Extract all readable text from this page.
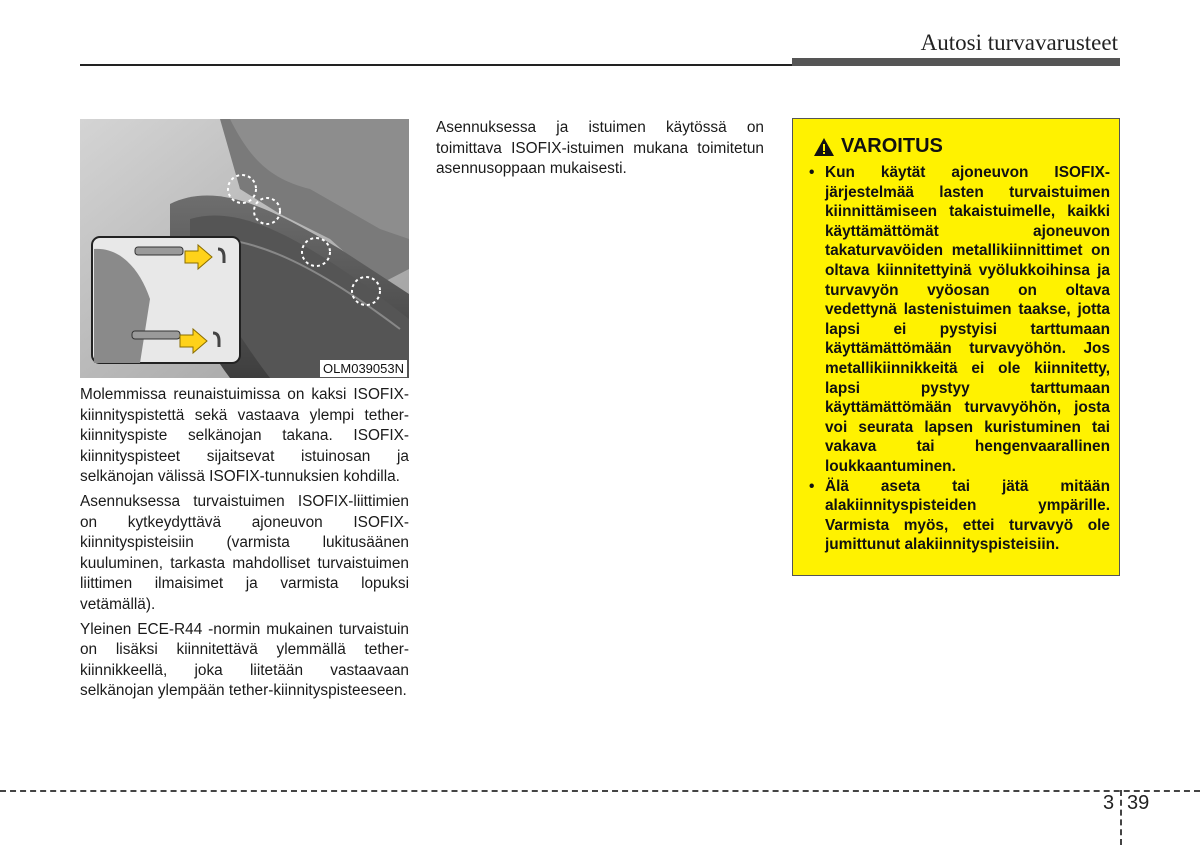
Autosi turvavarusteet
OLM039053N

Molemmissa reunaistuimissa on kaksi ISOFIX-kiinnityspistettä sekä vastaava ylempi tether-kiinnityspiste selkänojan takana. ISOFIX-kiinnityspisteet sijaitsevat istuinosan ja selkänojan välissä ISOFIX-tunnuksien kohdilla.

Asennuksessa turvaistuimen ISOFIX-liittimien on kytkeydyttävä ajoneuvon ISOFIX-kiinnityspisteisiin (varmista lukitusäänen kuuluminen, tarkasta mahdolliset turvaistuimen liittimen ilmaisimet ja varmista lopuksi vetämällä).

Yleinen ECE-R44 -normin mukainen turvaistuin on lisäksi kiinnitettävä ylemmällä tether-kiinnikkeellä, joka liitetään vastaavaan selkänojan ylempään tether-kiinnityspisteeseen.

Asennuksessa ja istuimen käytössä on toimittava ISOFIX-istuimen mukana toimitetun asennusoppaan mukaisesti.

VAROITUS
• Kun käytät ajoneuvon ISOFIX-järjestelmää lasten turvaistuimen kiinnittämiseen takaistuimelle, kaikki käyttämättömät ajoneuvon takaturvavöiden metallikiinnittimet on oltava kiinnitettyinä vyölukkoihinsa ja turvavyön vyöosan on oltava vedettynä lastenistuimen taakse, jotta lapsi ei pystyisi tarttumaan käyttämättömään turvavyöhön. Jos metallikiinnikkeitä ei ole kiinnitetty, lapsi pystyy tarttumaan käyttämättömään turvavyöhön, josta voi seurata lapsen kuristuminen tai vakava tai hengenvaarallinen loukkaantuminen.
• Älä aseta tai jätä mitään alakiinnityspisteiden ympärille. Varmista myös, ettei turvavyö ole jumittunut alakiinnityspisteisiin.
3 39
